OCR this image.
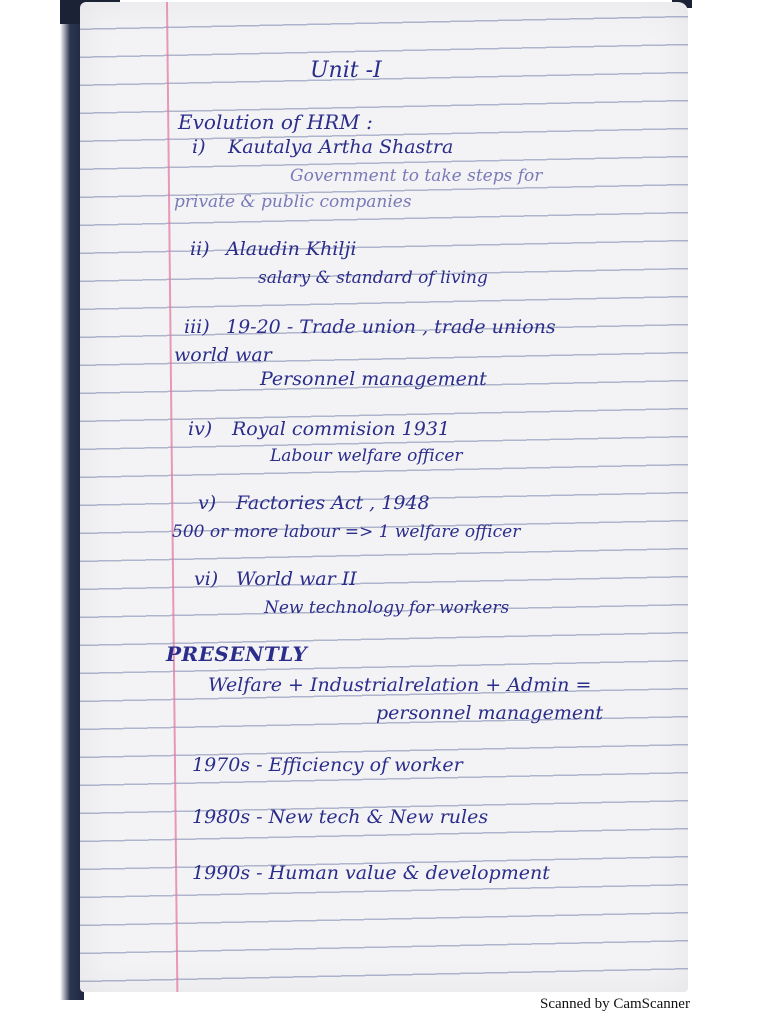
Unit -I
Evolution of HRM :
i) Kautalya Artha Shastra
Government to take steps for
private & public companies
ii) Alaudin Khilji
salary & standard of living
iii) 19-20 - Trade union , trade unions
world war
Personnel management
iv) Royal commision 1931
Labour welfare officer
v) Factories Act , 1948
500 or more labour => 1 welfare officer
vi) World war II
New technology for workers
PRESENTLY
Welfare + Industrialrelation + Admin =
personnel management
1970s - Efficiency of worker
1980s - New tech & New rules
1990s - Human value & development
Scanned by CamScanner
